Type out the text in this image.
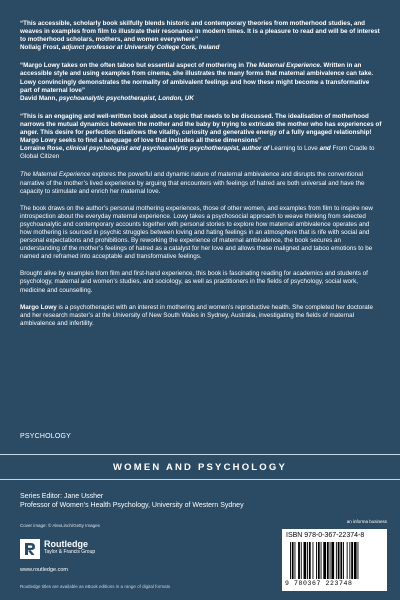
“This accessible, scholarly book skilfully blends historic and contemporary theories from motherhood studies, and weaves in examples from film to illustrate their resonance in modern times. It is a pleasure to read and will be of interest to motherhood scholars, mothers, and women everywhere”
Nollaig Frost, adjunct professor at University College Cork, Ireland
“Margo Lowy takes on the often taboo but essential aspect of mothering in The Maternal Experience. Written in an accessible style and using examples from cinema, she illustrates the many forms that maternal ambivalence can take. Lowy convincingly demonstrates the normality of ambivalent feelings and how these might become a transformative part of maternal love”
David Mann, psychoanalytic psychotherapist, London, UK
“This is an engaging and well-written book about a topic that needs to be discussed. The idealisation of motherhood narrows the mutual dynamics between the mother and the baby by trying to extricate the mother who has experiences of anger. This desire for perfection disallows the vitality, curiosity and generative energy of a fully engaged relationship! Margo Lowy seeks to find a language of love that includes all these dimensions”
Lorraine Rose, clinical psychologist and psychoanalytic psychotherapist, author of Learning to Love and From Cradle to Global Citizen

The Maternal Experience explores the powerful and dynamic nature of maternal ambivalence and disrupts the conventional narrative of the mother’s lived experience by arguing that encounters with feelings of hatred are both universal and have the capacity to stimulate and enrich her maternal love.

The book draws on the author’s personal mothering experiences, those of other women, and examples from film to inspire new introspection about the everyday maternal experience. Lowy takes a psychosocial approach to weave thinking from selected psychoanalytic and contemporary accounts together with personal stories to explore how maternal ambivalence operates and how mothering is sourced in psychic struggles between loving and hating feelings in an atmosphere that is rife with social and personal expectations and prohibitions. By reworking the experience of maternal ambivalence, the book secures an understanding of the mother’s feelings of hatred as a catalyst for her love and allows these maligned and taboo emotions to be named and reframed into acceptable and transformative feelings.

Brought alive by examples from film and first-hand experience, this book is fascinating reading for academics and students of psychology, maternal and women’s studies, and sociology, as well as practitioners in the fields of psychology, social work, medicine and counselling.

Margo Lowy is a psychotherapist with an interest in mothering and women’s reproductive health. She completed her doctorate and her research master’s at the University of New South Wales in Sydney, Australia, investigating the fields of maternal ambivalence and infertility.

PSYCHOLOGY
WOMEN AND PSYCHOLOGY
Series Editor: Jane Ussher
Professor of Women’s Health Psychology, University of Western Sydney
Cover image: © AlexLinch/Getty Images
Routledge
Taylor & Francis Group
www.routledge.com
Routledge titles are available as eBook editions in a range of digital formats
an informa business
ISBN 978-0-367-22374-8
9 780367 223748
